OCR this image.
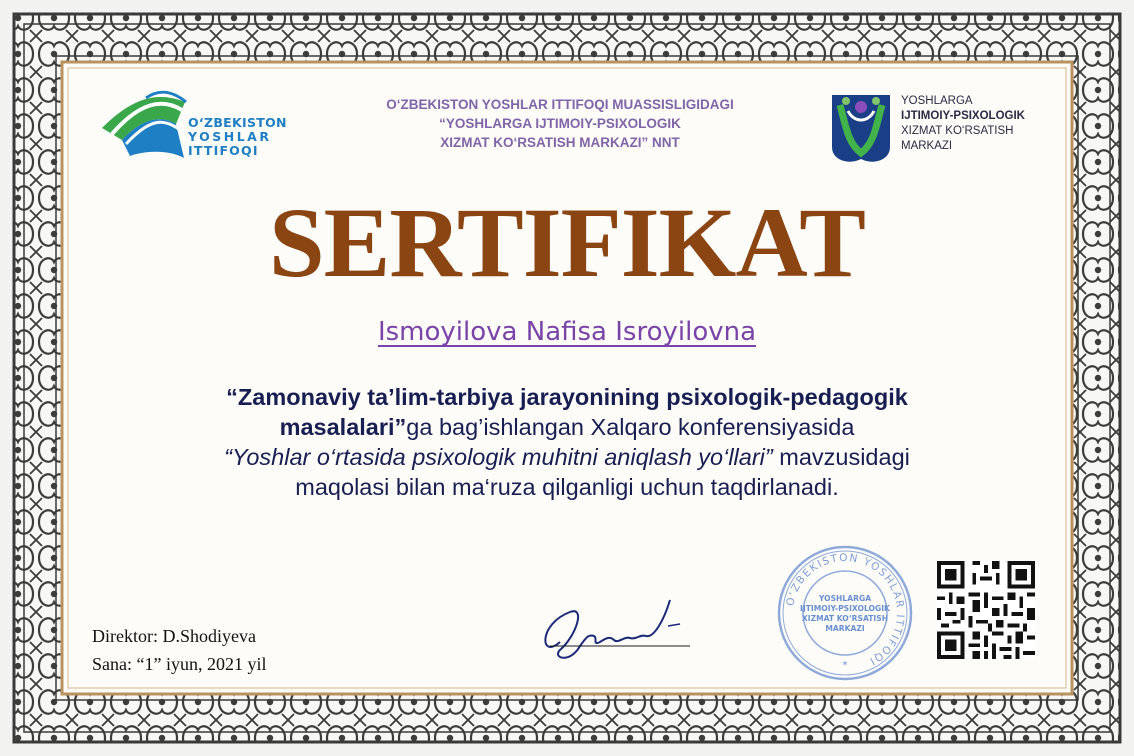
O‘ZBEKISTON
YOSHLAR
ITTIFOQI
O‘ZBEKISTON YOSHLAR ITTIFOQI MUASSISLIGIDAGI
“YOSHLARGA IJTIMOIY-PSIXOLOGIK
XIZMAT KO‘RSATISH MARKAZI” NNT
YOSHLARGA
IJTIMOIY-PSIXOLOGIK
XIZMAT KO‘RSATISH
MARKAZI
SERTIFIKAT
Ismoyilova Nafisa Isroyilovna
“Zamonaviy ta’lim-tarbiya jarayonining psixologik-pedagogik
masalalari”ga bag’ishlangan Xalqaro konferensiyasida
“Yoshlar o‘rtasida psixologik muhitni aniqlash yo‘llari” mavzusidagi
maqolasi bilan ma‘ruza qilganligi uchun taqdirlanadi.
Direktor: D.Shodiyeva
Sana: “1” iyun, 2021 yil
O‘ZBEKISTON YOSHLAR ITTIFOQI
YOSHLARGA
IJTIMOIY-PSIXOLOGIK
XIZMAT KO‘RSATISH
MARKAZI
*
